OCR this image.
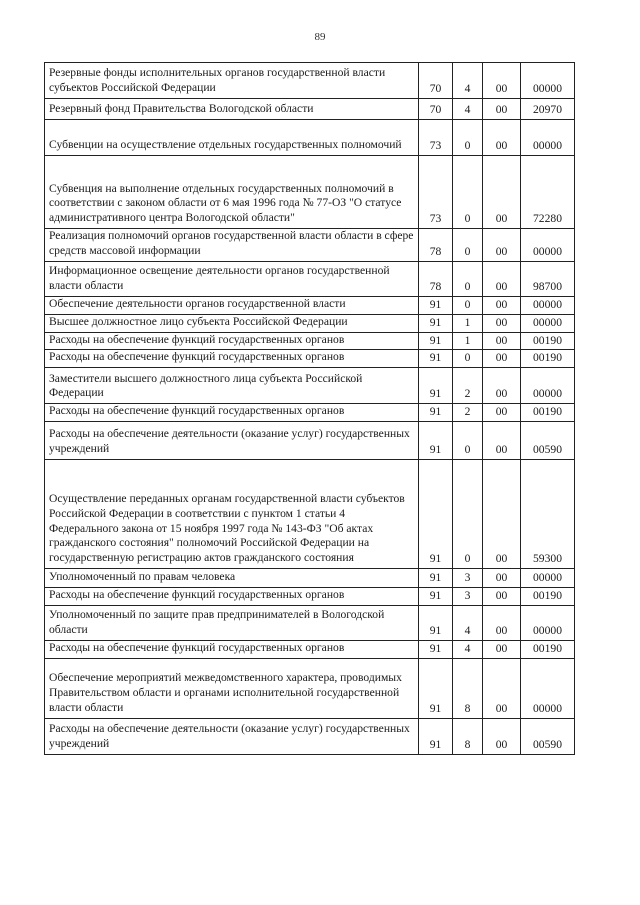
89
Резервные фонды исполнительных органов государственной власти субъектов Российской Федерации	70	4	00	00000
Резервный фонд Правительства Вологодской области	70	4	00	20970
Субвенции на осуществление отдельных государственных полномочий	73	0	00	00000
Субвенция на выполнение отдельных государственных полномочий в соответствии с законом области от 6 мая 1996 года № 77-ОЗ "О статусе административного центра Вологодской области"	73	0	00	72280
Реализация полномочий органов государственной власти области в сфере средств массовой информации	78	0	00	00000
Информационное освещение деятельности органов государственной власти области	78	0	00	98700
Обеспечение деятельности органов государственной власти	91	0	00	00000
Высшее должностное лицо субъекта Российской Федерации	91	1	00	00000
Расходы на обеспечение функций государственных органов	91	1	00	00190
Расходы на обеспечение функций государственных органов	91	0	00	00190
Заместители высшего должностного лица субъекта Российской Федерации	91	2	00	00000
Расходы на обеспечение функций государственных органов	91	2	00	00190
Расходы на обеспечение деятельности (оказание услуг) государственных учреждений	91	0	00	00590
Осуществление переданных органам государственной власти субъектов Российской Федерации в соответствии с пунктом 1 статьи 4 Федерального закона от 15 ноября 1997 года № 143-ФЗ "Об актах гражданского состояния" полномочий Российской Федерации на государственную регистрацию актов гражданского состояния	91	0	00	59300
Уполномоченный по правам человека	91	3	00	00000
Расходы на обеспечение функций государственных органов	91	3	00	00190
Уполномоченный по защите прав предпринимателей в Вологодской области	91	4	00	00000
Расходы на обеспечение функций государственных органов	91	4	00	00190
Обеспечение мероприятий межведомственного характера, проводимых Правительством области и органами исполнительной государственной власти области	91	8	00	00000
Расходы на обеспечение деятельности (оказание услуг) государственных учреждений	91	8	00	00590
